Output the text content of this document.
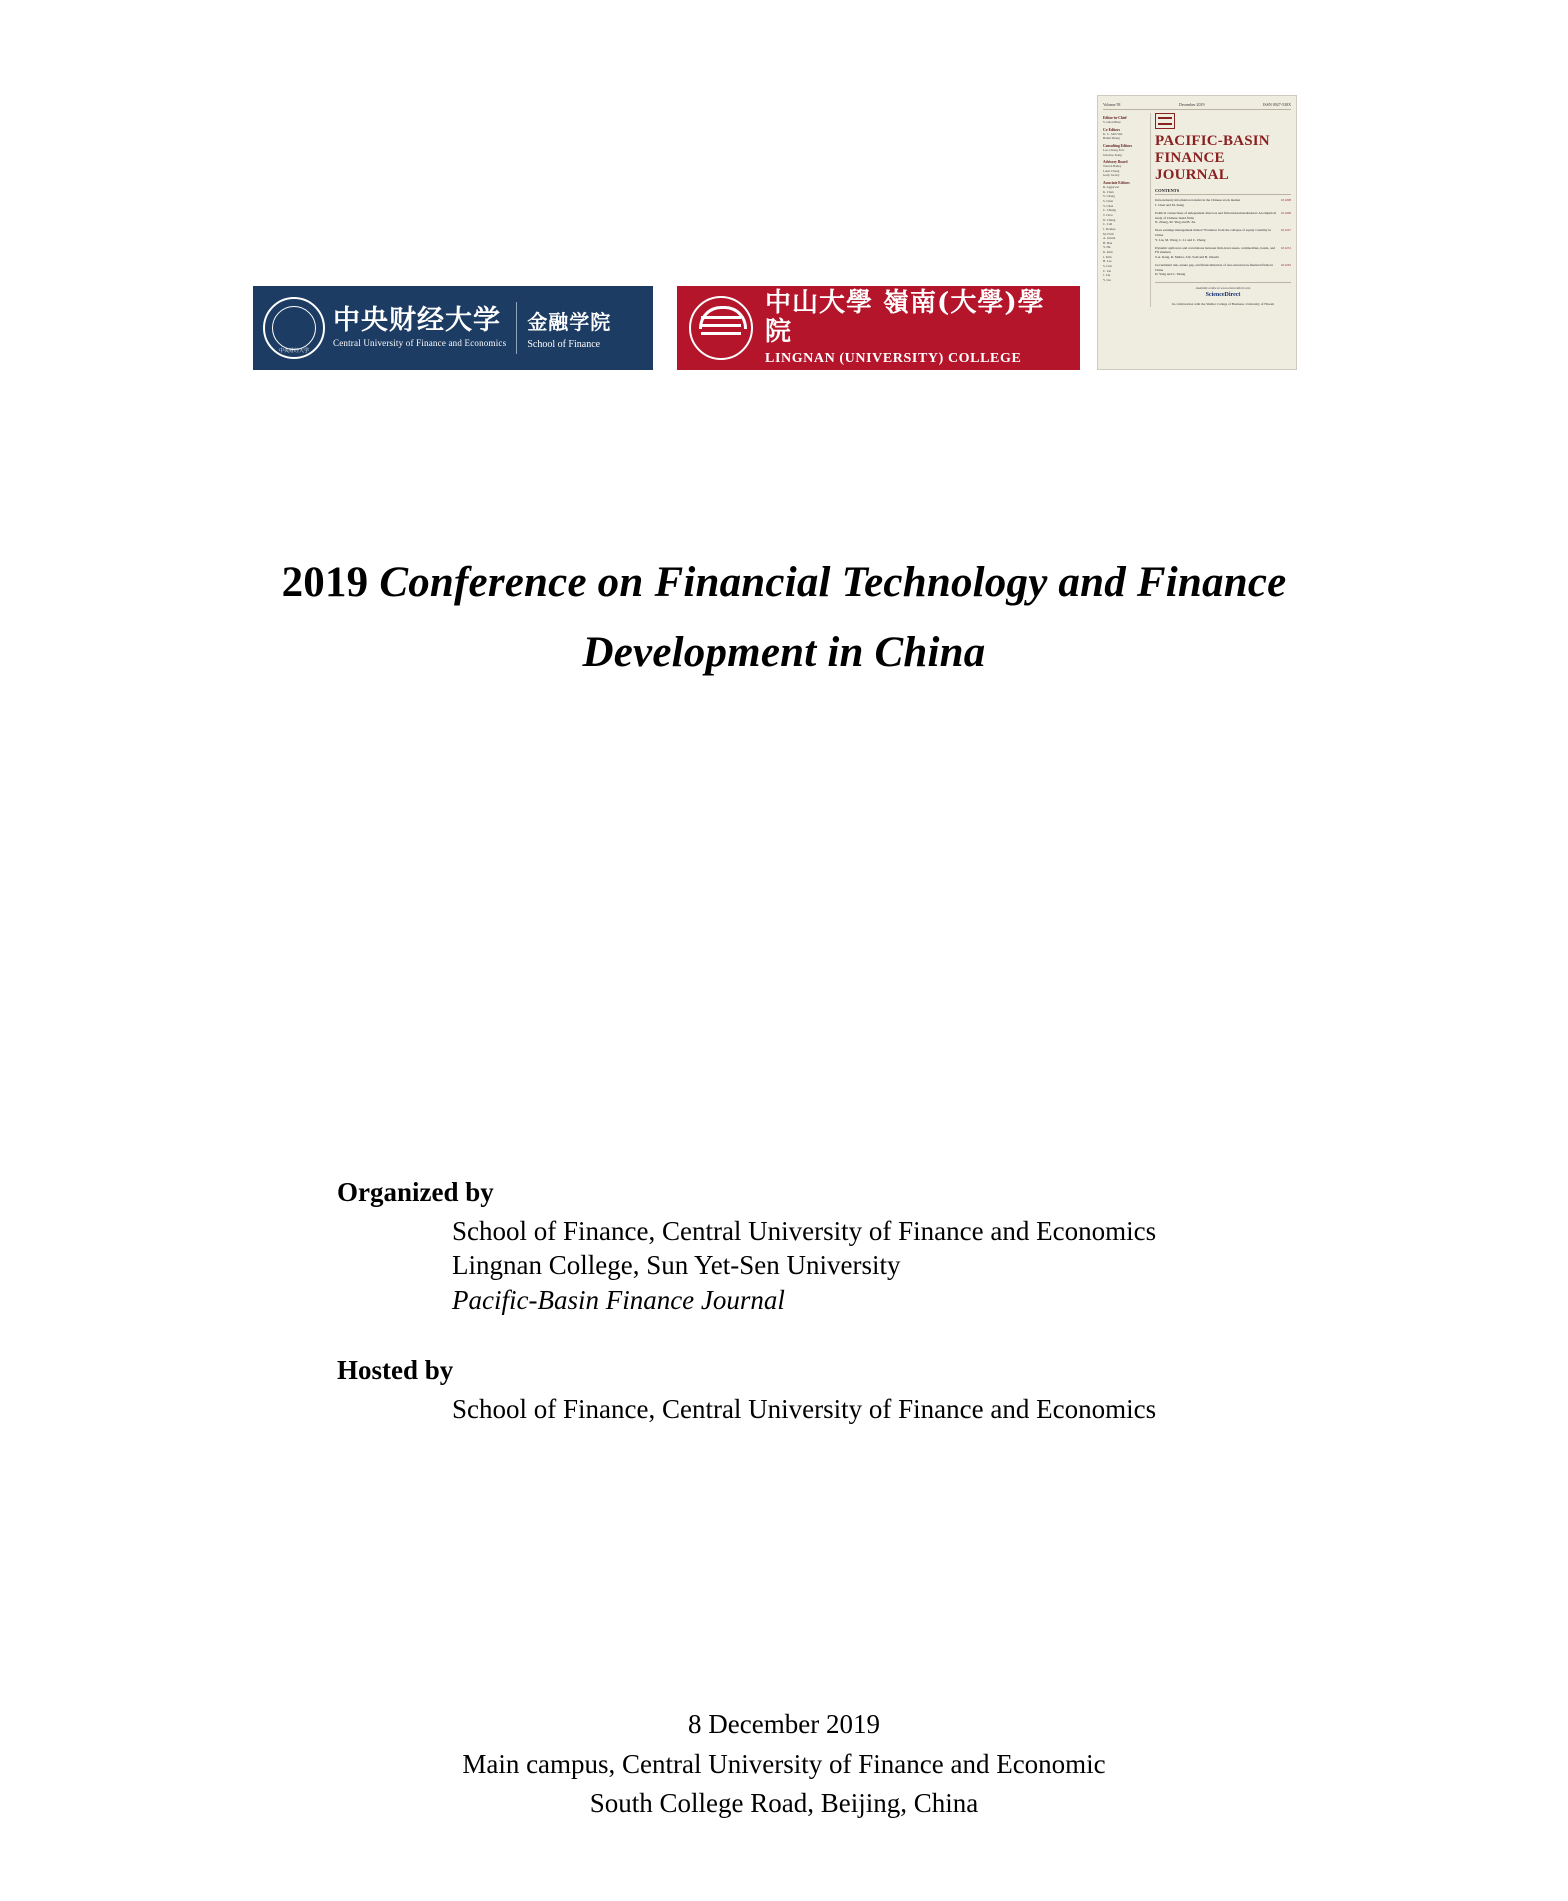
中央财经大学
中央财经大学
Central University of Finance and Economics
金融学院
School of Finance
中山大學 嶺南(大學)學院
LINGNAN (UNIVERSITY) COLLEGE
Volume 58	December 2019	ISSN 0927-538X
Editor-in-Chief
S. Ghon Rhee
Co-Editors
K. C. John Wei
Bohui Zhang
Consulting Editors
Lee, Cheng-Few
Jun-Koo Kang
Advisory Board
Warren Bailey
Louis Cheng
Gady Jacoby
Associate Editors
R. Aggarwal
K. Chan
V. Chang
S. Chen
Y. Chen
C. Chiang
T. Choi
D. Chung
C. Cull
J. Doukas
M. Firth
A. Ghosh
H. Hau
Y. Hu
K. Kim
J. Kim
H. Lee
S. Lim
C. Lin
J. Liu
Y. Liu
PACIFIC-BASIN FINANCE JOURNAL
CONTENTS
Intra-industry information transfer in the Chinese stock market
J. Chen and M. Kung
101208
Political connections of independent directors and firm internationalization: An empirical study of Chinese listed firms
N. Zhang, M. Ying and B. Xu
101209
Does earnings management matter? Evidence from the collapse of equity volatility in China
Y. Liu, M. Wang, C. Li and C. Zhang
101227
Dynamic spillovers and correlations between firm-level assets, commodities, bonds, and FX markets
S.A. Kang, R. Maitra, S.R. Said and B. Zhouhi
101231
Government risk, tenure gap, and financialization of non-current non-financial firms in China
D. Yang and C. Zhang
101232
Available online at www.sciencedirect.com
ScienceDirect
In collaboration with the Shidler College of Business, University of Hawaii
2019 Conference on Financial Technology and Finance
Development in China
Organized by
School of Finance, Central University of Finance and Economics
Lingnan College, Sun Yet-Sen University
Pacific-Basin Finance Journal
Hosted by
School of Finance, Central University of Finance and Economics
8 December 2019
Main campus, Central University of Finance and Economic
South College Road, Beijing, China
